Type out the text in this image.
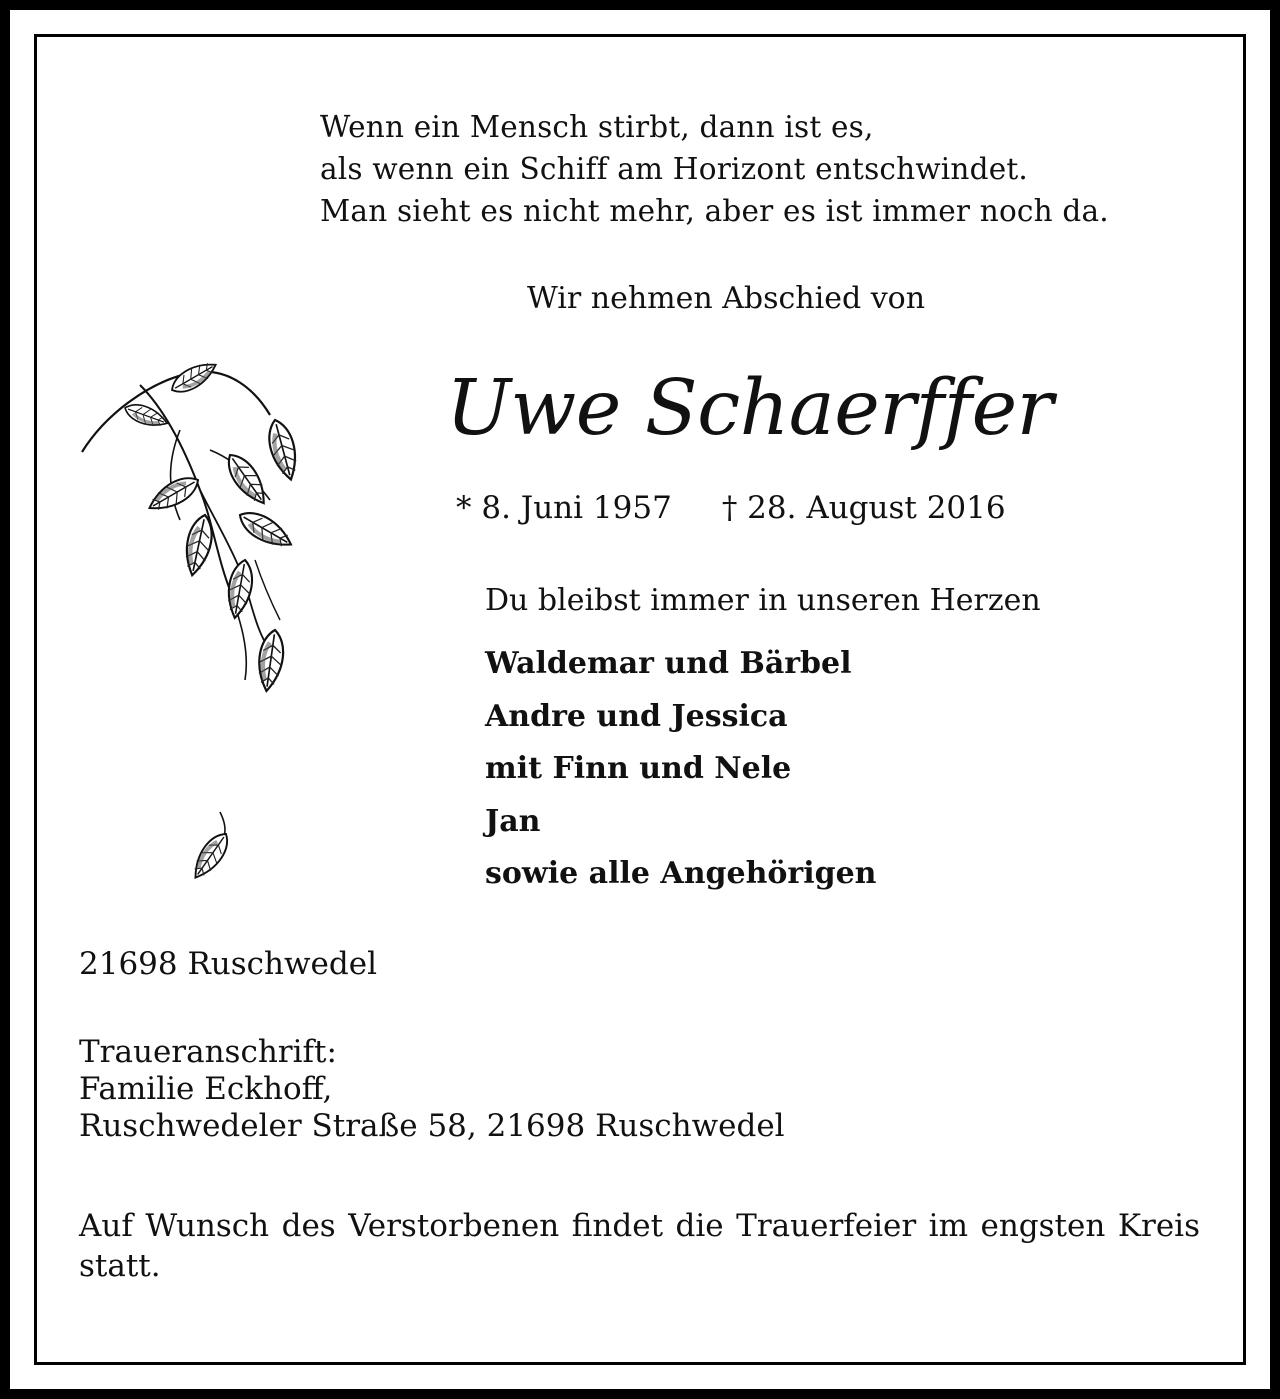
Wenn ein Mensch stirbt, dann ist es,
als wenn ein Schiff am Horizont entschwindet.
Man sieht es nicht mehr, aber es ist immer noch da.
Wir nehmen Abschied von
Uwe Schaerffer
* 8. Juni 1957 † 28. August 2016
Du bleibst immer in unseren Herzen
Waldemar und Bärbel
Andre und Jessica
mit Finn und Nele
Jan
sowie alle Angehörigen
21698 Ruschwedel
Traueranschrift:
Familie Eckhoff,
Ruschwedeler Straße 58, 21698 Ruschwedel
Auf Wunsch des Verstorbenen findet die Trauerfeier im engsten Kreis statt.
